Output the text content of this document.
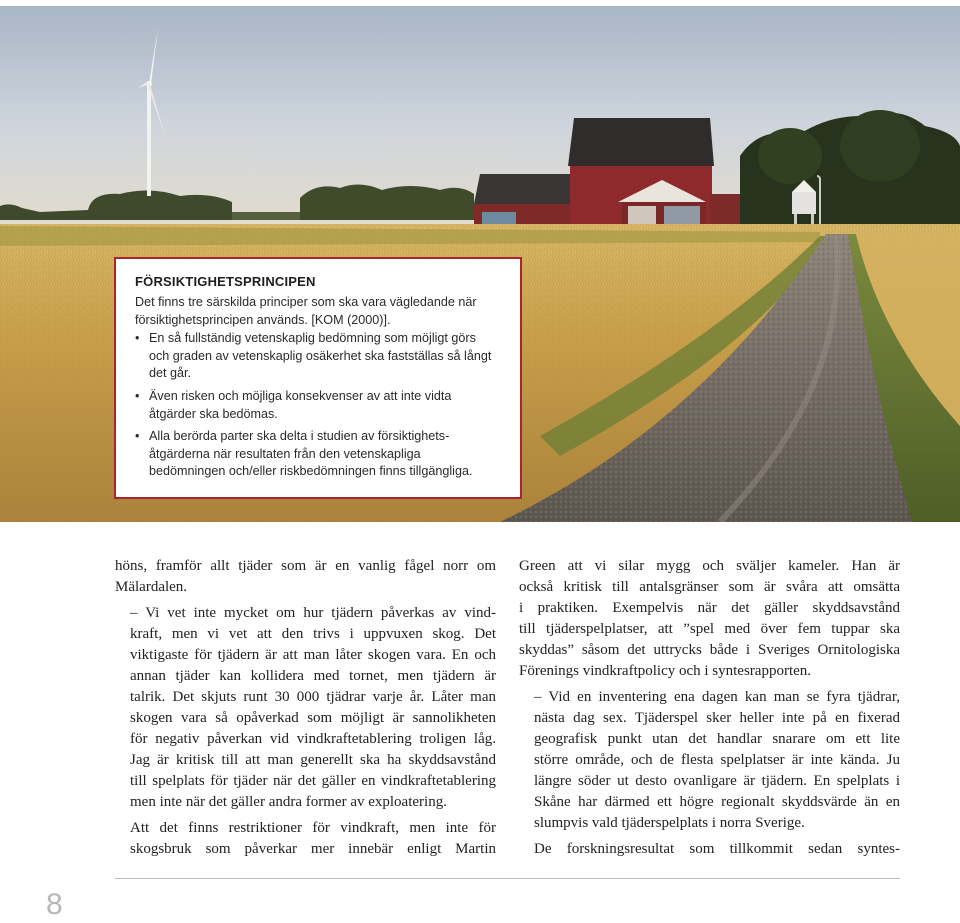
FÖRSIKTIGHETSPRINCIPEN

Det finns tre särskilda principer som ska vara vägledande när
försiktighetsprincipen används. [KOM (2000)].

• En så fullständig vetenskaplig bedömning som möjligt görs
och graden av vetenskaplig osäkerhet ska fastställas så långt
det går.
• Även risken och möjliga konsekvenser av att inte vidta
åtgärder ska bedömas.
• Alla berörda parter ska delta i studien av försiktighets-
åtgärderna när resultaten från den vetenskapliga
bedömningen och/eller riskbedömningen finns tillgängliga.

höns, framför allt tjäder som är en vanlig fågel norr om
Mälardalen.

– Vi vet inte mycket om hur tjädern påverkas av vind-
kraft, men vi vet att den trivs i uppvuxen skog. Det
viktigaste för tjädern är att man låter skogen vara. En och
annan tjäder kan kollidera med tornet, men tjädern är
talrik. Det skjuts runt 30 000 tjädrar varje år. Låter man
skogen vara så opåverkad som möjligt är sannolikheten
för negativ påverkan vid vindkraftetablering troligen låg.
Jag är kritisk till att man generellt ska ha skyddsavstånd
till spelplats för tjäder när det gäller en vindkraftetablering
men inte när det gäller andra former av exploatering.

Att det finns restriktioner för vindkraft, men inte för
skogsbruk som påverkar mer innebär enligt Martin

Green att vi silar mygg och sväljer kameler. Han är
också kritisk till antalsgränser som är svåra att omsätta
i praktiken. Exempelvis när det gäller skyddsavstånd
till tjäderspelplatser, att ”spel med över fem tuppar ska
skyddas” såsom det uttrycks både i Sveriges Ornitologiska
Förenings vindkraftpolicy och i syntesrapporten.

– Vid en inventering ena dagen kan man se fyra tjädrar,
nästa dag sex. Tjäderspel sker heller inte på en fixerad
geografisk punkt utan det handlar snarare om ett lite
större område, och de flesta spelplatser är inte kända. Ju
längre söder ut desto ovanligare är tjädern. En spelplats i
Skåne har därmed ett högre regionalt skyddsvärde än en
slumpvis vald tjäderspelplats i norra Sverige.

De forskningsresultat som tillkommit sedan syntes-

8
